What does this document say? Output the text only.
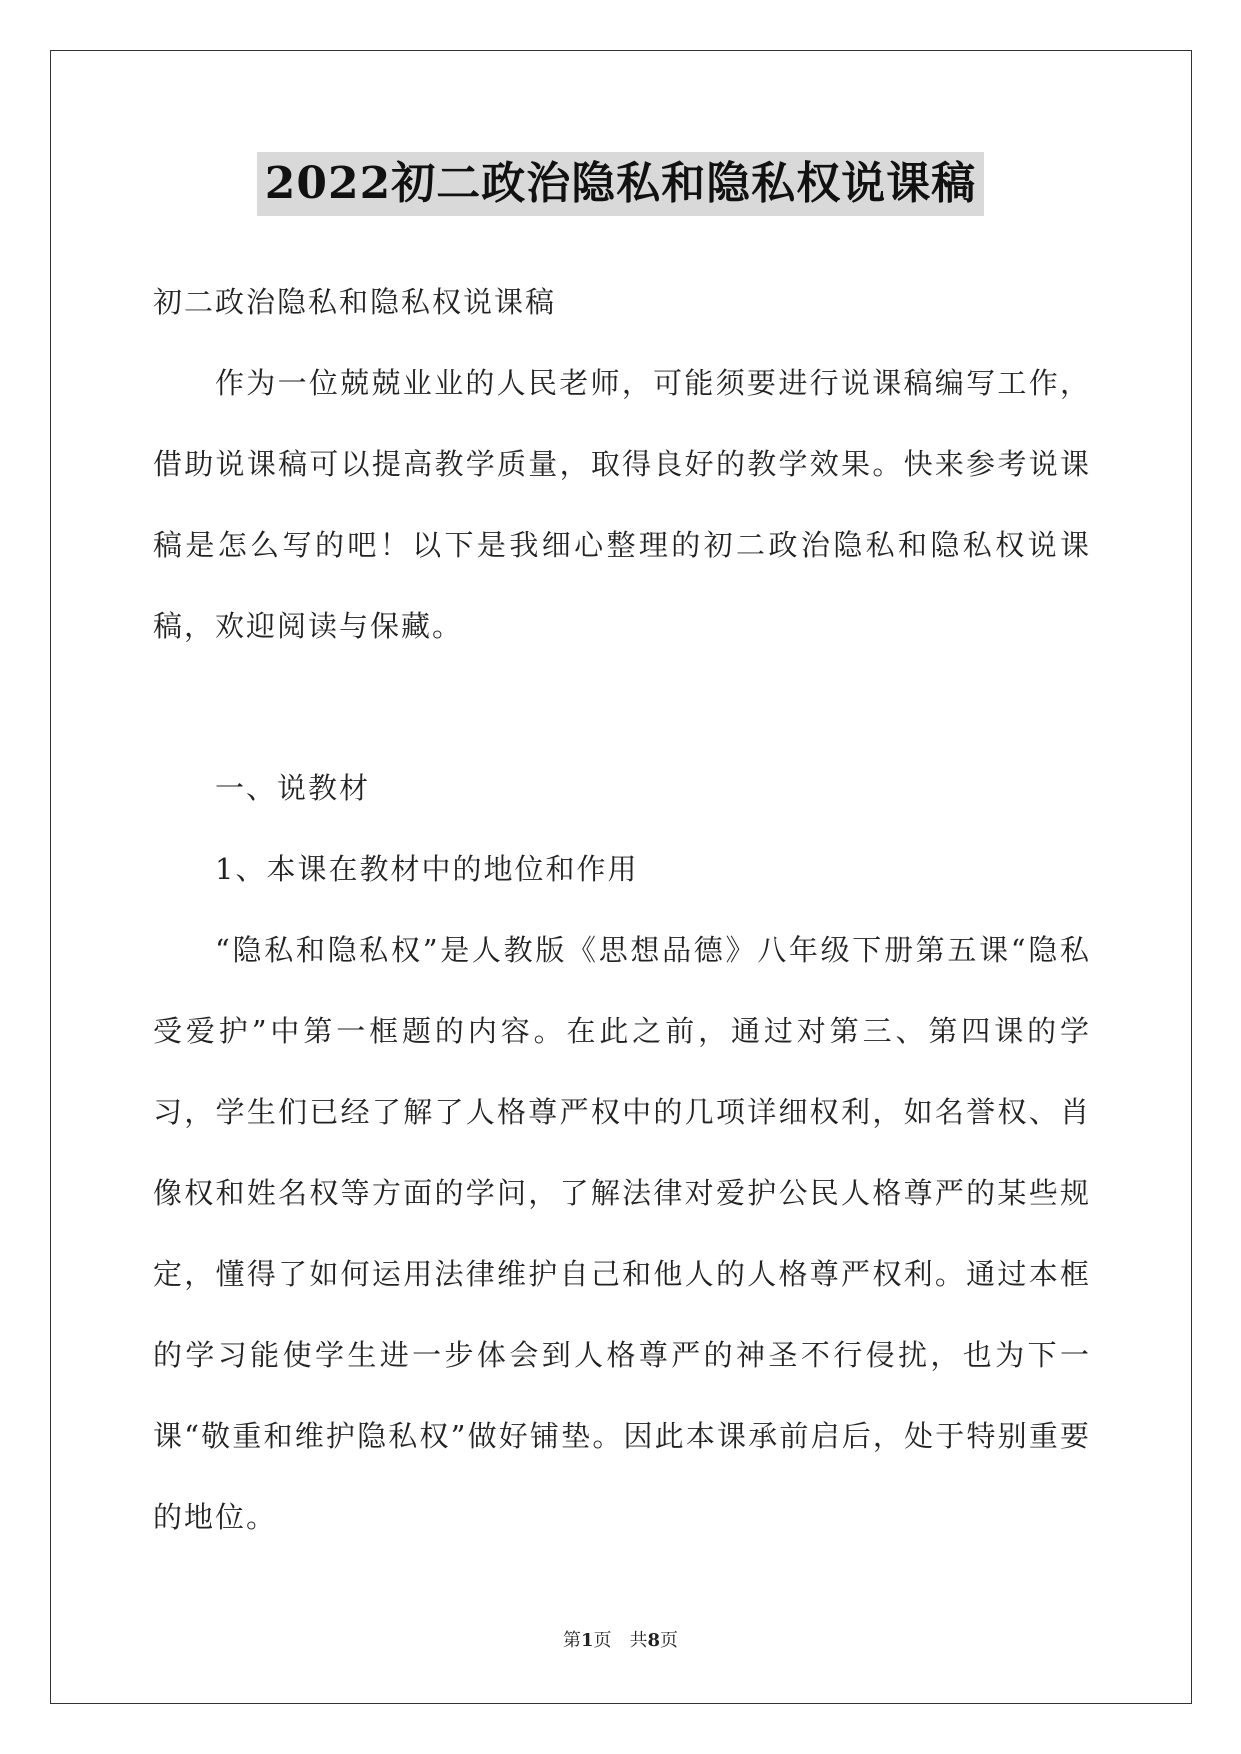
2022初二政治隐私和隐私权说课稿

初二政治隐私和隐私权说课稿

作为一位兢兢业业的人民老师，可能须要进行说课稿编写工作，借助说课稿可以提高教学质量，取得良好的教学效果。快来参考说课稿是怎么写的吧！以下是我细心整理的初二政治隐私和隐私权说课稿，欢迎阅读与保藏。

一、说教材

1、本课在教材中的地位和作用

“隐私和隐私权”是人教版《思想品德》八年级下册第五课“隐私受爱护”中第一框题的内容。在此之前，通过对第三、第四课的学习，学生们已经了解了人格尊严权中的几项详细权利，如名誉权、肖像权和姓名权等方面的学问，了解法律对爱护公民人格尊严的某些规定，懂得了如何运用法律维护自己和他人的人格尊严权利。通过本框的学习能使学生进一步体会到人格尊严的神圣不行侵扰，也为下一课“敬重和维护隐私权”做好铺垫。因此本课承前启后，处于特别重要的地位。

第1页　共8页
